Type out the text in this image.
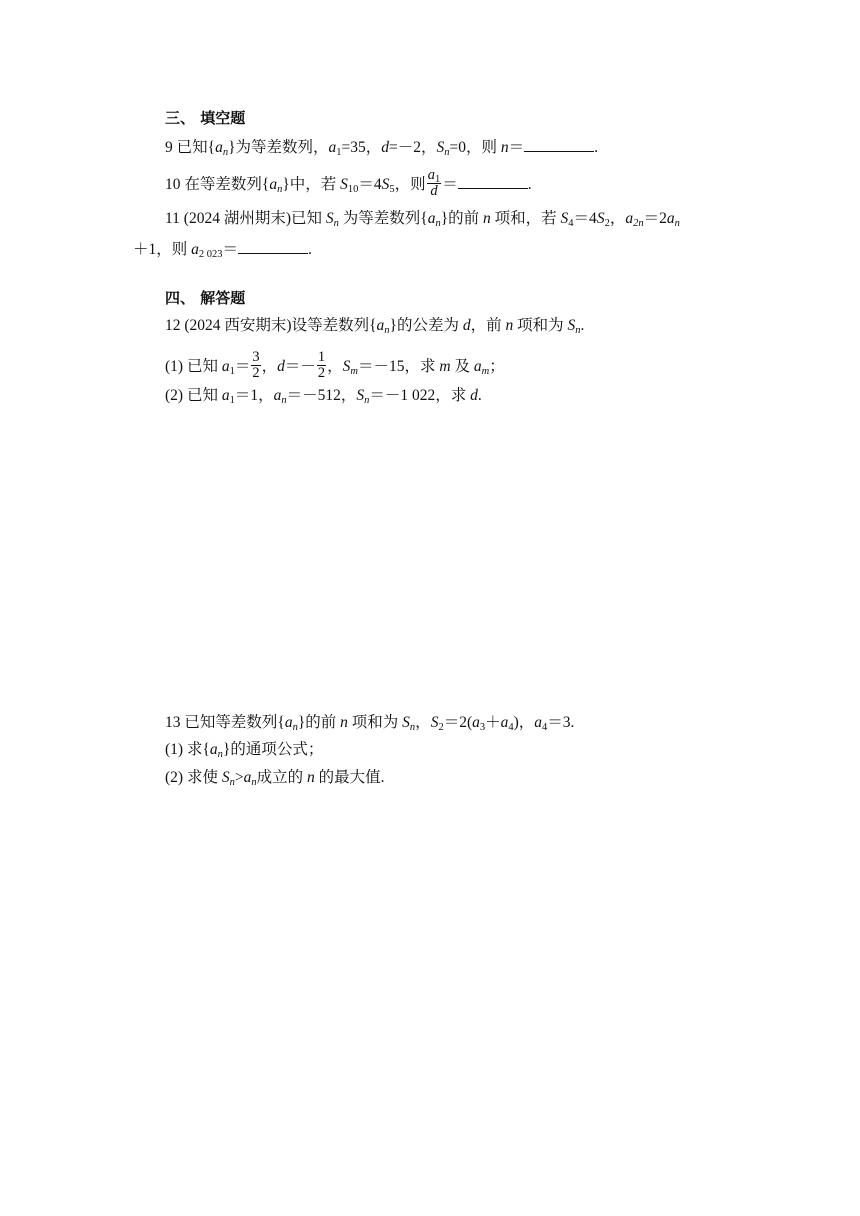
三、 填空题
9 已知$\{a_n\}$为等差数列，$a_1=35$，d=－2，$S_n=0$，则 n＝	.
10 在等差数列$\{a_n\}$中，若 $S_{10}=4S_5$，则 $\frac{a_1}{d}$ ＝	.
11 (2024 湖州期末)已知 $S_n$ 为等差数列$\{a_n\}$的前 n 项和，若 $S_4=4S_2$，$a_{2n}=2a_n$
＋1，则 $a_{2 023}=$	.
四、 解答题
12 (2024 西安期末)设等差数列$\{a_n\}$的公差为 d，前 n 项和为 $S_n$.
(1) 已知 $a_1= \frac{3}{2}$ ，$d=- \frac{1}{2}$ ，$S_m=-15$，求 m 及 $a_m$；
(2) 已知 $a_1=1$，$a_n=-512$，$S_n=-1$ 022，求 d.
13 已知等差数列$\{a_n\}$的前 n 项和为 $S_n$，$S_2=2(a_3+a_4)$，$a_4=3$.
(1) 求$\{a_n\}$的通项公式；
(2) 求使 $S_n>a_n$成立的 n 的最大值.
